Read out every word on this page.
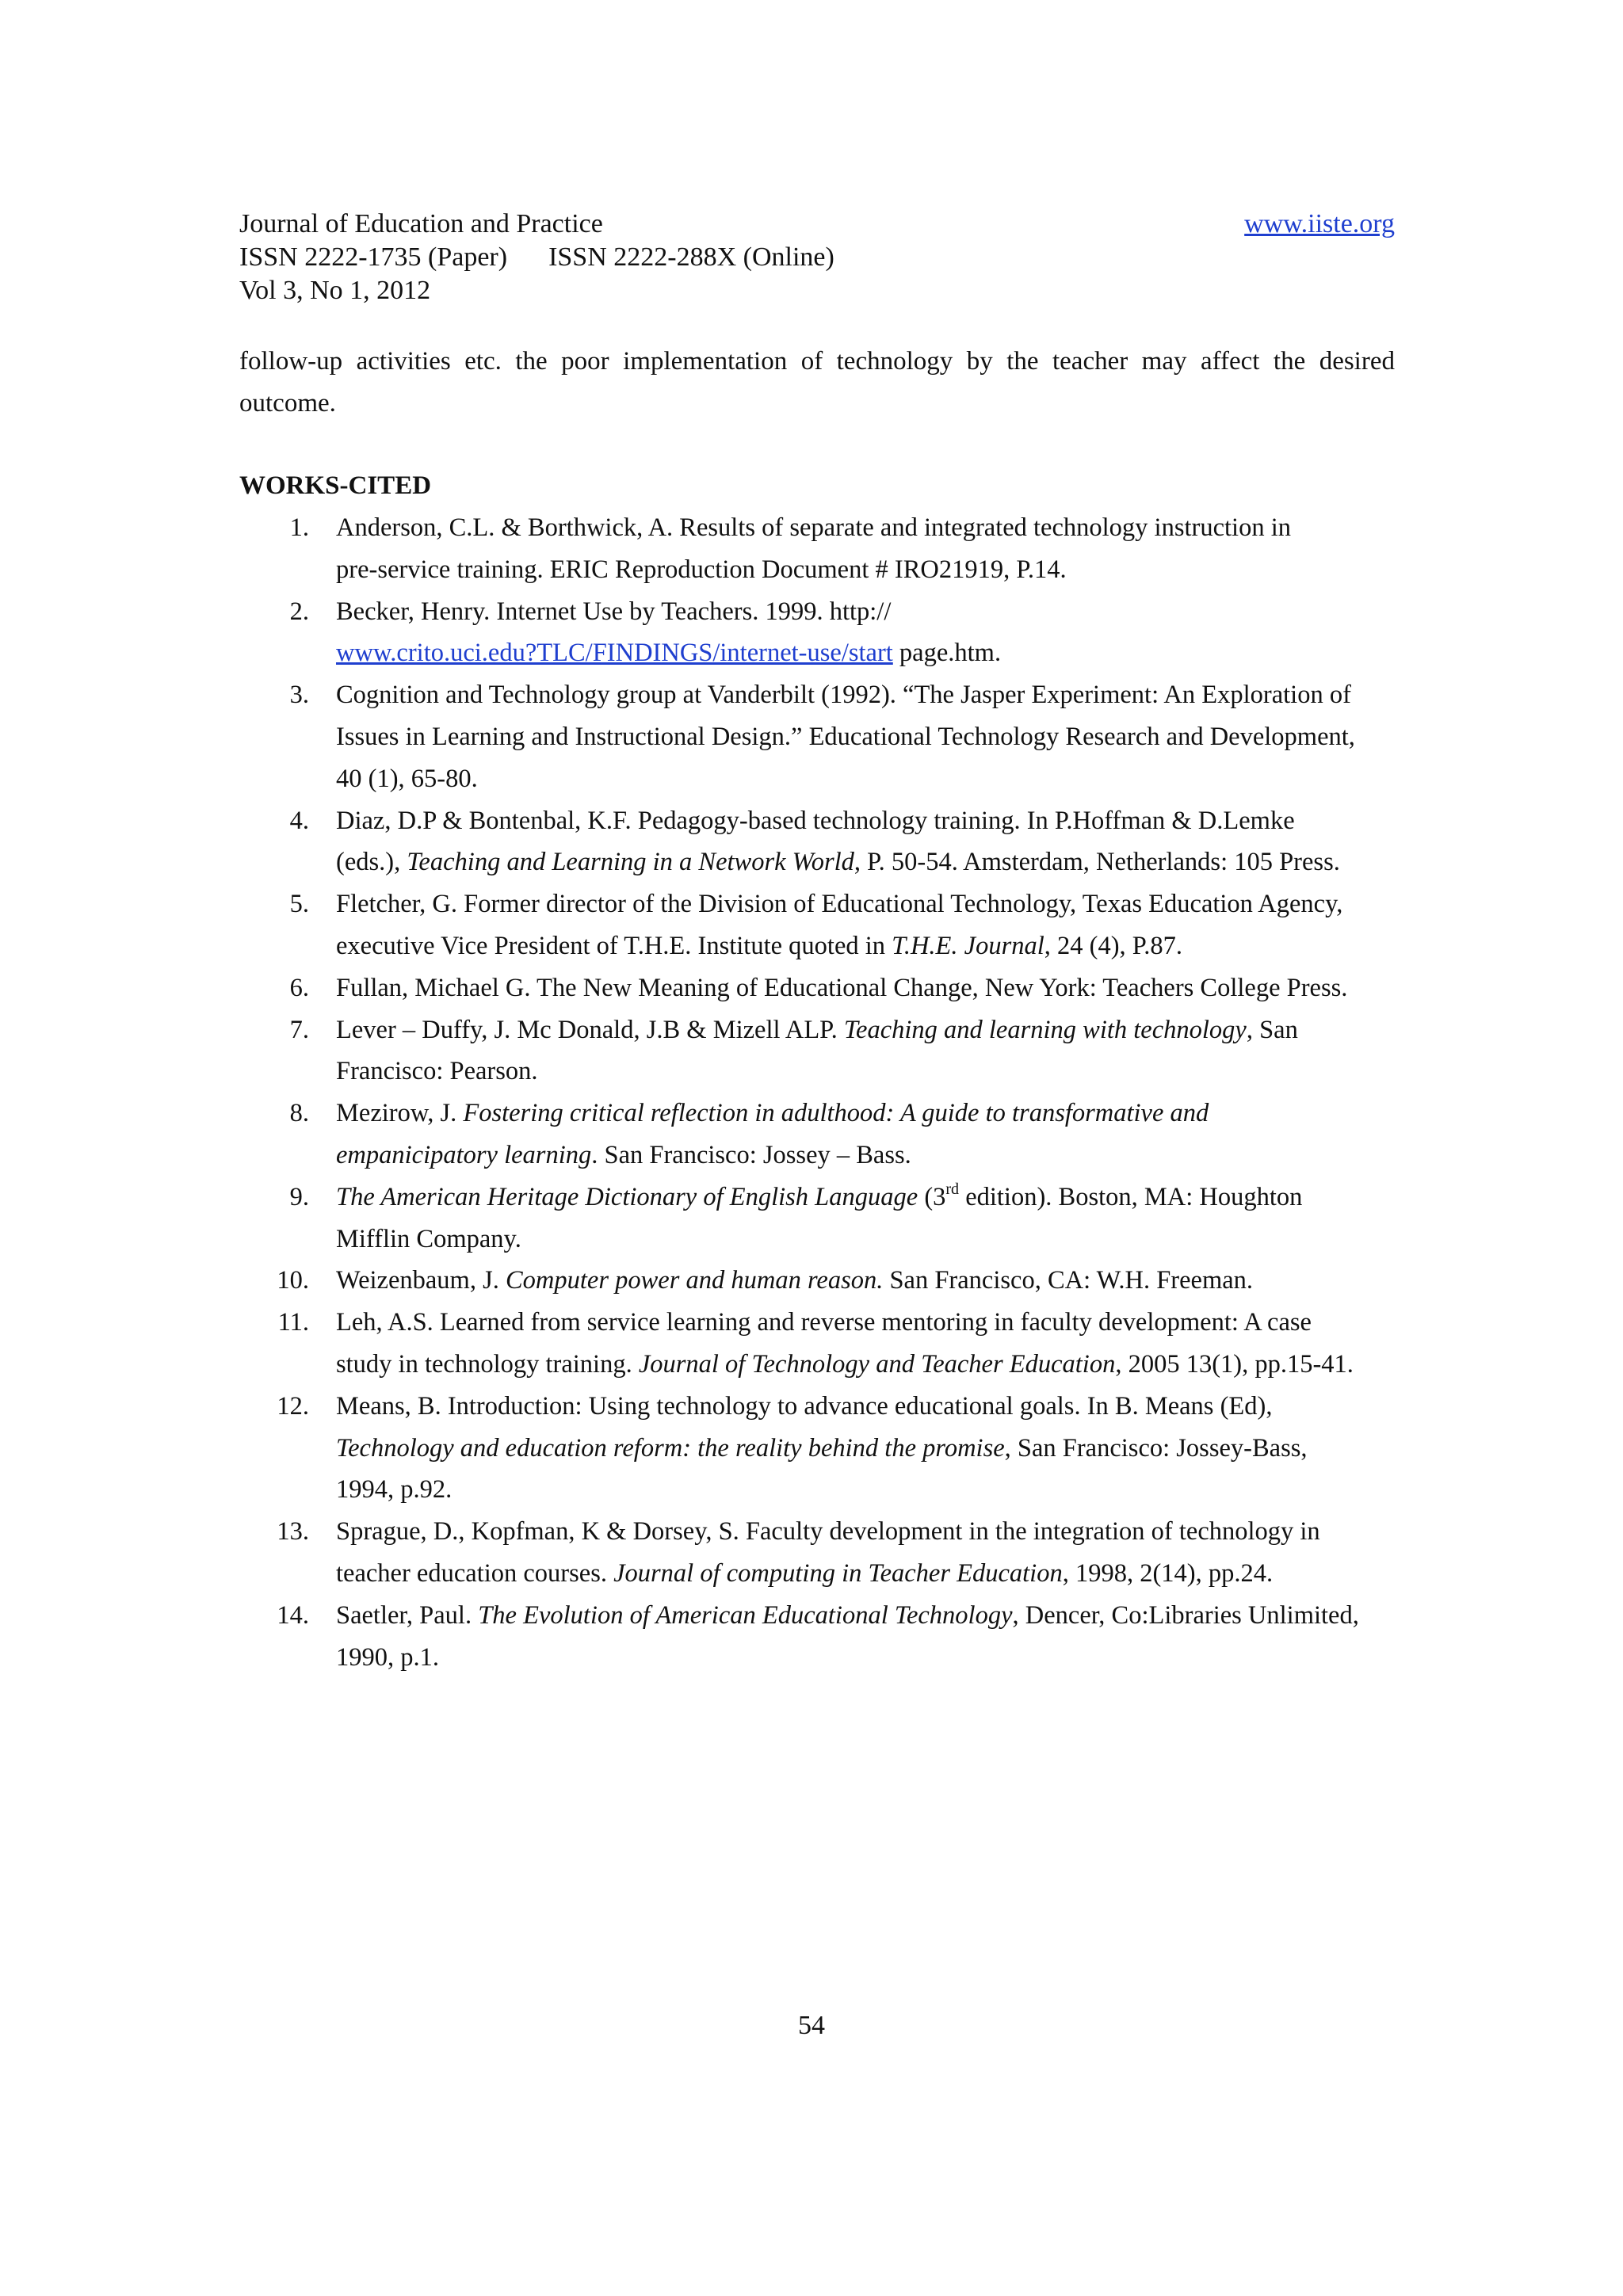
Journal of Education and Practice	www.iiste.org
ISSN 2222-1735 (Paper) ISSN 2222-288X (Online)
Vol 3, No 1, 2012
follow-up activities etc. the poor implementation of technology by the teacher may affect the desired
outcome.
WORKS-CITED
1. Anderson, C.L. & Borthwick, A. Results of separate and integrated technology instruction in
pre-service training. ERIC Reproduction Document # IRO21919, P.14.
2. Becker, Henry. Internet Use by Teachers. 1999. http://
www.crito.uci.edu?TLC/FINDINGS/internet-use/start page.htm.
3. Cognition and Technology group at Vanderbilt (1992). “The Jasper Experiment: An Exploration of
Issues in Learning and Instructional Design.” Educational Technology Research and Development,
40 (1), 65-80.
4. Diaz, D.P & Bontenbal, K.F. Pedagogy-based technology training. In P.Hoffman & D.Lemke
(eds.), Teaching and Learning in a Network World, P. 50-54. Amsterdam, Netherlands: 105 Press.
5. Fletcher, G. Former director of the Division of Educational Technology, Texas Education Agency,
executive Vice President of T.H.E. Institute quoted in T.H.E. Journal, 24 (4), P.87.
6. Fullan, Michael G. The New Meaning of Educational Change, New York: Teachers College Press.
7. Lever – Duffy, J. Mc Donald, J.B & Mizell ALP. Teaching and learning with technology, San
Francisco: Pearson.
8. Mezirow, J. Fostering critical reflection in adulthood: A guide to transformative and
empanicipatory learning. San Francisco: Jossey – Bass.
9. The American Heritage Dictionary of English Language (3rd edition). Boston, MA: Houghton
Mifflin Company.
10. Weizenbaum, J. Computer power and human reason. San Francisco, CA: W.H. Freeman.
11. Leh, A.S. Learned from service learning and reverse mentoring in faculty development: A case
study in technology training. Journal of Technology and Teacher Education, 2005 13(1), pp.15-41.
12. Means, B. Introduction: Using technology to advance educational goals. In B. Means (Ed),
Technology and education reform: the reality behind the promise, San Francisco: Jossey-Bass,
1994, p.92.
13. Sprague, D., Kopfman, K & Dorsey, S. Faculty development in the integration of technology in
teacher education courses. Journal of computing in Teacher Education, 1998, 2(14), pp.24.
14. Saetler, Paul. The Evolution of American Educational Technology, Dencer, Co:Libraries Unlimited,
1990, p.1.
54
